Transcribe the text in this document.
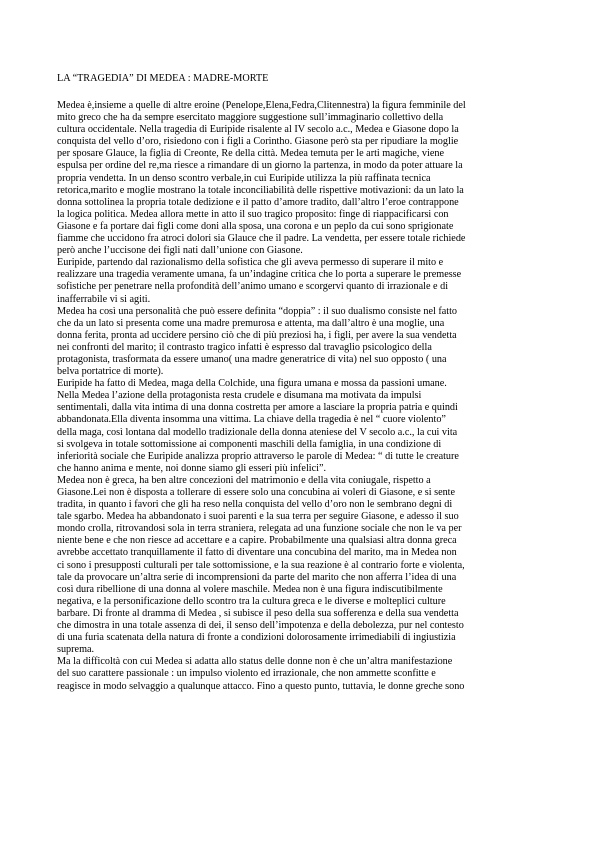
LA “TRAGEDIA” DI MEDEA : MADRE-MORTE
Medea è,insieme a quelle di altre eroine (Penelope,Elena,Fedra,Clitennestra) la figura femminile del
mito greco che ha da sempre esercitato maggiore suggestione sull’immaginario collettivo della
cultura occidentale. Nella tragedia di Euripide risalente al IV secolo a.c., Medea e Giasone dopo la
conquista del vello d’oro, risiedono con i figli a Corintho. Giasone però sta per ripudiare la moglie
per sposare Glauce, la figlia di Creonte, Re della città. Medea temuta per le arti magiche, viene
espulsa per ordine del re,ma riesce a rimandare di un giorno la partenza, in modo da poter attuare la
propria vendetta. In un denso scontro verbale,in cui Euripide utilizza la più raffinata tecnica
retorica,marito e moglie mostrano la totale inconciliabilità delle rispettive motivazioni: da un lato la
donna sottolinea la propria totale dedizione e il patto d’amore tradito, dall’altro l’eroe contrappone
la logica politica. Medea allora mette in atto il suo tragico proposito: finge di riappacificarsi con
Giasone e fa portare dai figli come doni alla sposa, una corona e un peplo da cui sono sprigionate
fiamme che uccidono fra atroci dolori sia Glauce che il padre. La vendetta, per essere totale richiede
però anche l’uccisone dei figli nati dall’unione con Giasone.
Euripide, partendo dal razionalismo della sofistica che gli aveva permesso di superare il mito e
realizzare una tragedia veramente umana, fa un’indagine critica che lo porta a superare le premesse
sofistiche per penetrare nella profondità dell’animo umano e scorgervi quanto di irrazionale e di
inafferrabile vi si agiti.
Medea ha così una personalità che può essere definita “doppia” : il suo dualismo consiste nel fatto
che da un lato si presenta come una madre premurosa e attenta, ma dall’altro è una moglie, una
donna ferita, pronta ad uccidere persino ciò che di più preziosi ha, i figli, per avere la sua vendetta
nei confronti del marito; il contrasto tragico infatti è espresso dal travaglio psicologico della
protagonista, trasformata da essere umano( una madre generatrice di vita) nel suo opposto ( una
belva portatrice di morte).
Euripide ha fatto di Medea, maga della Colchide, una figura umana e mossa da passioni umane.
Nella Medea l’azione della protagonista resta crudele e disumana ma motivata da impulsi
sentimentali, dalla vita intima di una donna costretta per amore a lasciare la propria patria e quindi
abbandonata.Ella diventa insomma una vittima. La chiave della tragedia è nel “ cuore violento”
della maga, così lontana dal modello tradizionale della donna ateniese del V secolo a.c., la cui vita
si svolgeva in totale sottomissione ai componenti maschili della famiglia, in una condizione di
inferiorità sociale che Euripide analizza proprio attraverso le parole di Medea: “ di tutte le creature
che hanno anima e mente, noi donne siamo gli esseri più infelici”.
Medea non è greca, ha ben altre concezioni del matrimonio e della vita coniugale, rispetto a
Giasone.Lei non è disposta a tollerare di essere solo una concubina ai voleri di Giasone, e si sente
tradita, in quanto i favori che gli ha reso nella conquista del vello d’oro non le sembrano degni di
tale sgarbo. Medea ha abbandonato i suoi parenti e la sua terra per seguire Giasone, e adesso il suo
mondo crolla, ritrovandosi sola in terra straniera, relegata ad una funzione sociale che non le va per
niente bene e che non riesce ad accettare e a capire. Probabilmente una qualsiasi altra donna greca
avrebbe accettato tranquillamente il fatto di diventare una concubina del marito, ma in Medea non
ci sono i presupposti culturali per tale sottomissione, e la sua reazione è al contrario forte e violenta,
tale da provocare un’altra serie di incomprensioni da parte del marito che non afferra l’idea di una
così dura ribellione di una donna al volere maschile. Medea non è una figura indiscutibilmente
negativa, e la personificazione dello scontro tra la cultura greca e le diverse e molteplici culture
barbare. Di fronte al dramma di Medea , si subisce il peso della sua sofferenza e della sua vendetta
che dimostra in una totale assenza di dei, il senso dell’impotenza e della debolezza, pur nel contesto
di una furia scatenata della natura di fronte a condizioni dolorosamente irrimediabili di ingiustizia
suprema.
Ma la difficoltà con cui Medea si adatta allo status delle donne non è che un’altra manifestazione
del suo carattere passionale : un impulso violento ed irrazionale, che non ammette sconfitte e
reagisce in modo selvaggio a qualunque attacco. Fino a questo punto, tuttavia, le donne greche sono
